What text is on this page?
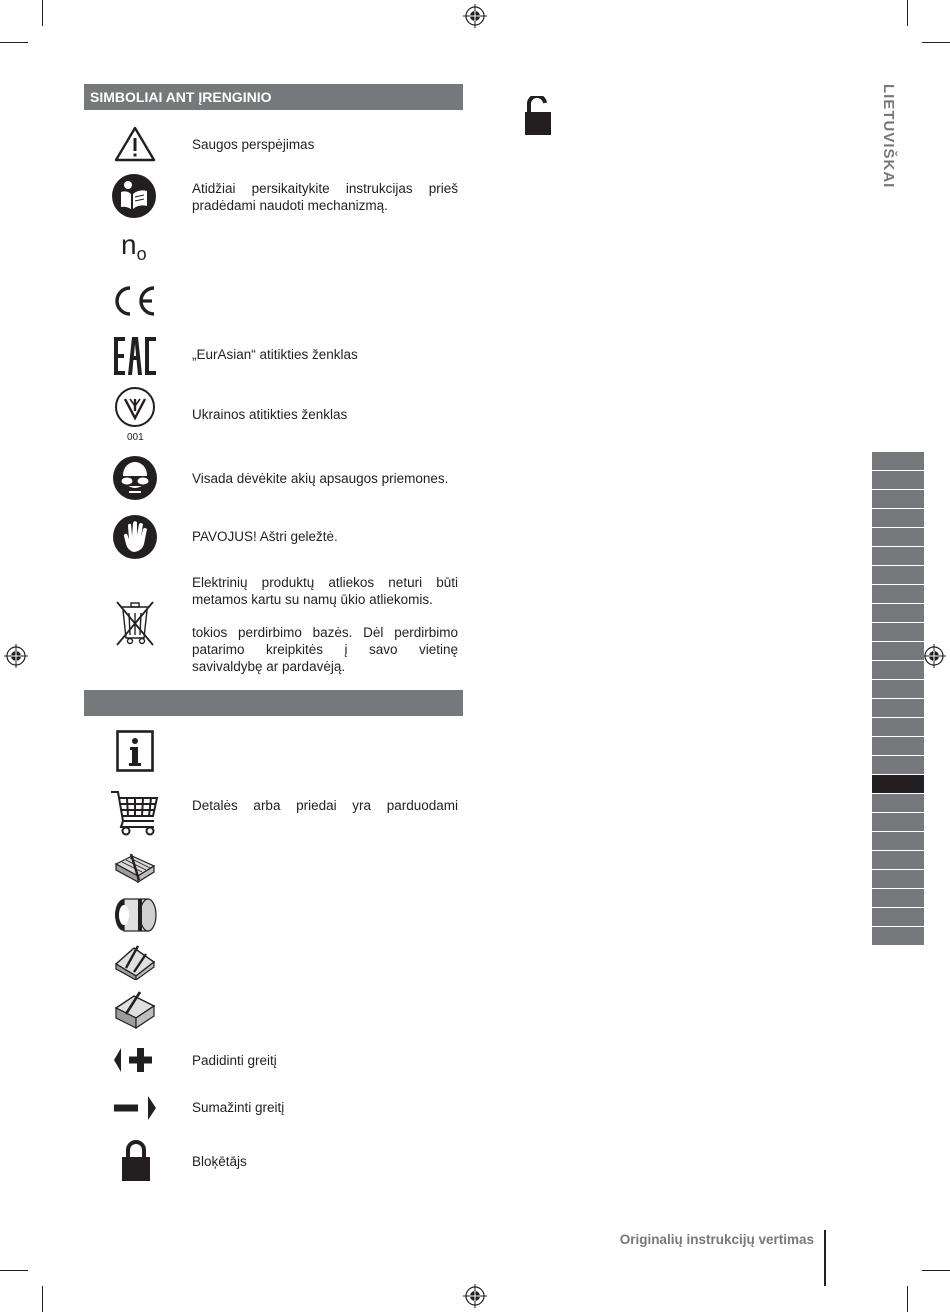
SIMBOLIAI ANT ĮRENGINIO
Saugos perspėjimas
Atidžiai persikaitykite instrukcijas prieš pradėdami naudoti mechanizmą.
$n_o$
„EurAsian“ atitikties ženklas
001
Ukrainos atitikties ženklas
Visada dėvėkite akių apsaugos priemones.
PAVOJUS! Aštri geležtė.
Elektrinių produktų atliekos neturi būti metamos kartu su namų ūkio atliekomis.
tokios perdirbimo bazės. Dėl perdirbimo patarimo kreipkitės į savo vietinę savivaldybę ar pardavėją.
Detalės arba priedai yra parduodami
Padidinti greitį
Sumažinti greitį
Bloķētājs
LIETUVIŠKAI
Originalių instrukcijų vertimas
